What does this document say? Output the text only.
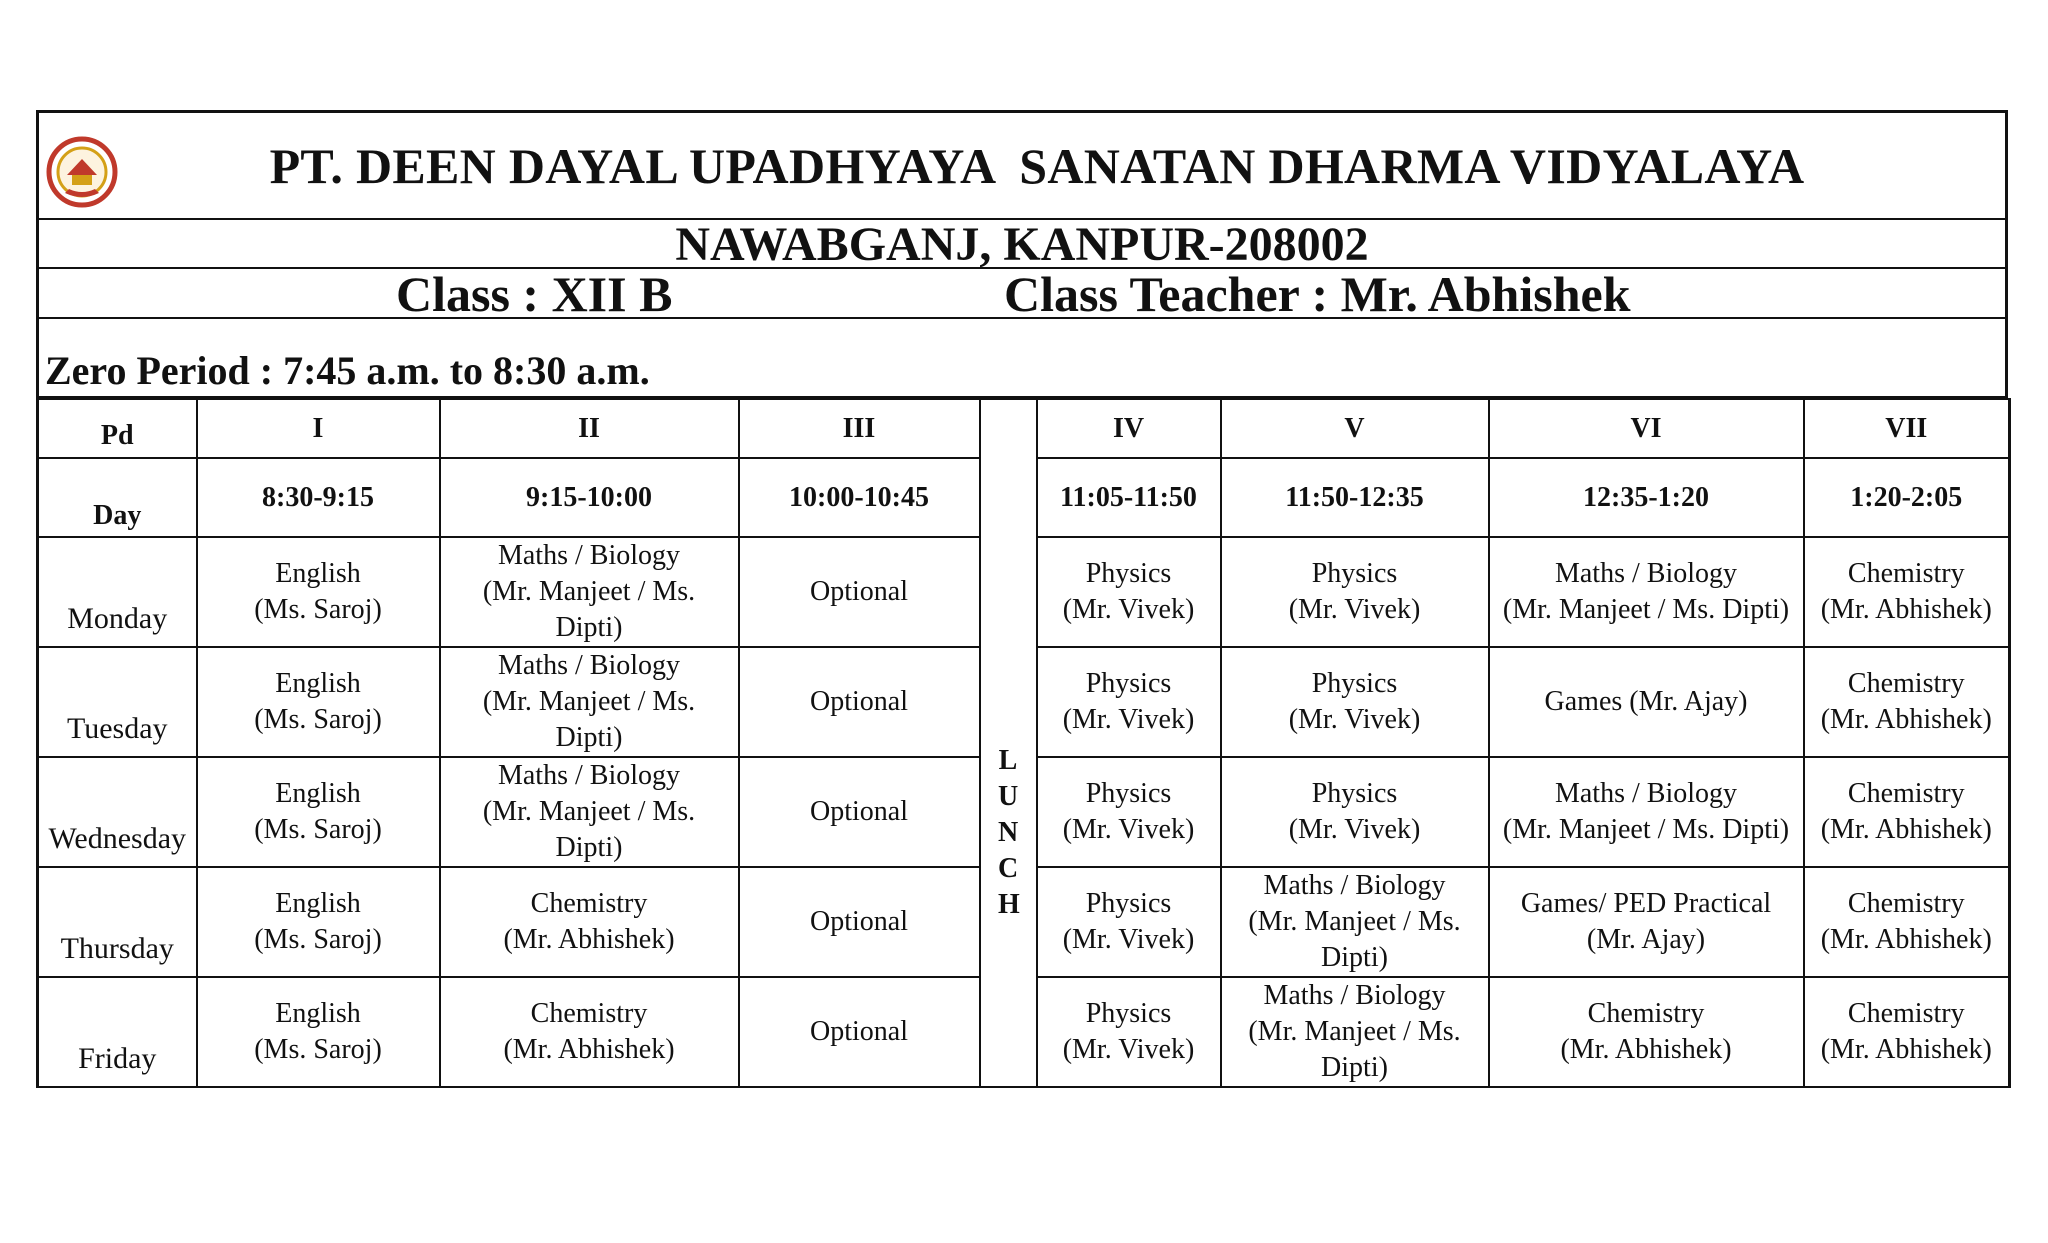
PT. DEEN DAYAL UPADHYAYA  SANATAN DHARMA VIDYALAYA
NAWABGANJ, KANPUR-208002
Class : XII B	Class Teacher : Mr. Abhishek
Zero Period : 7:45 a.m. to 8:30 a.m.
Pd	I	II	III	LUNCH	IV	V	VI	VII

Day	8:30-9:15	9:15-10:00	10:00-10:45		11:05-11:50	11:50-12:35	12:35-1:20	1:20-2:05

Monday	English
(Ms. Saroj)	Maths / Biology
(Mr. Manjeet / Ms.
Dipti)	Optional		Physics
(Mr. Vivek)	Physics
(Mr. Vivek)	Maths / Biology
(Mr. Manjeet / Ms. Dipti)	Chemistry
(Mr. Abhishek)

Tuesday	English
(Ms. Saroj)	Maths / Biology
(Mr. Manjeet / Ms.
Dipti)	Optional		Physics
(Mr. Vivek)	Physics
(Mr. Vivek)	Games (Mr. Ajay)	Chemistry
(Mr. Abhishek)

Wednesday	English
(Ms. Saroj)	Maths / Biology
(Mr. Manjeet / Ms.
Dipti)	Optional		Physics
(Mr. Vivek)	Physics
(Mr. Vivek)	Maths / Biology
(Mr. Manjeet / Ms. Dipti)	Chemistry
(Mr. Abhishek)

Thursday	English
(Ms. Saroj)	Chemistry
(Mr. Abhishek)	Optional		Physics
(Mr. Vivek)	Maths / Biology
(Mr. Manjeet / Ms.
Dipti)	Games/ PED Practical
(Mr. Ajay)	Chemistry
(Mr. Abhishek)

Friday	English
(Ms. Saroj)	Chemistry
(Mr. Abhishek)	Optional		Physics
(Mr. Vivek)	Maths / Biology
(Mr. Manjeet / Ms.
Dipti)	Chemistry
(Mr. Abhishek)	Chemistry
(Mr. Abhishek)
